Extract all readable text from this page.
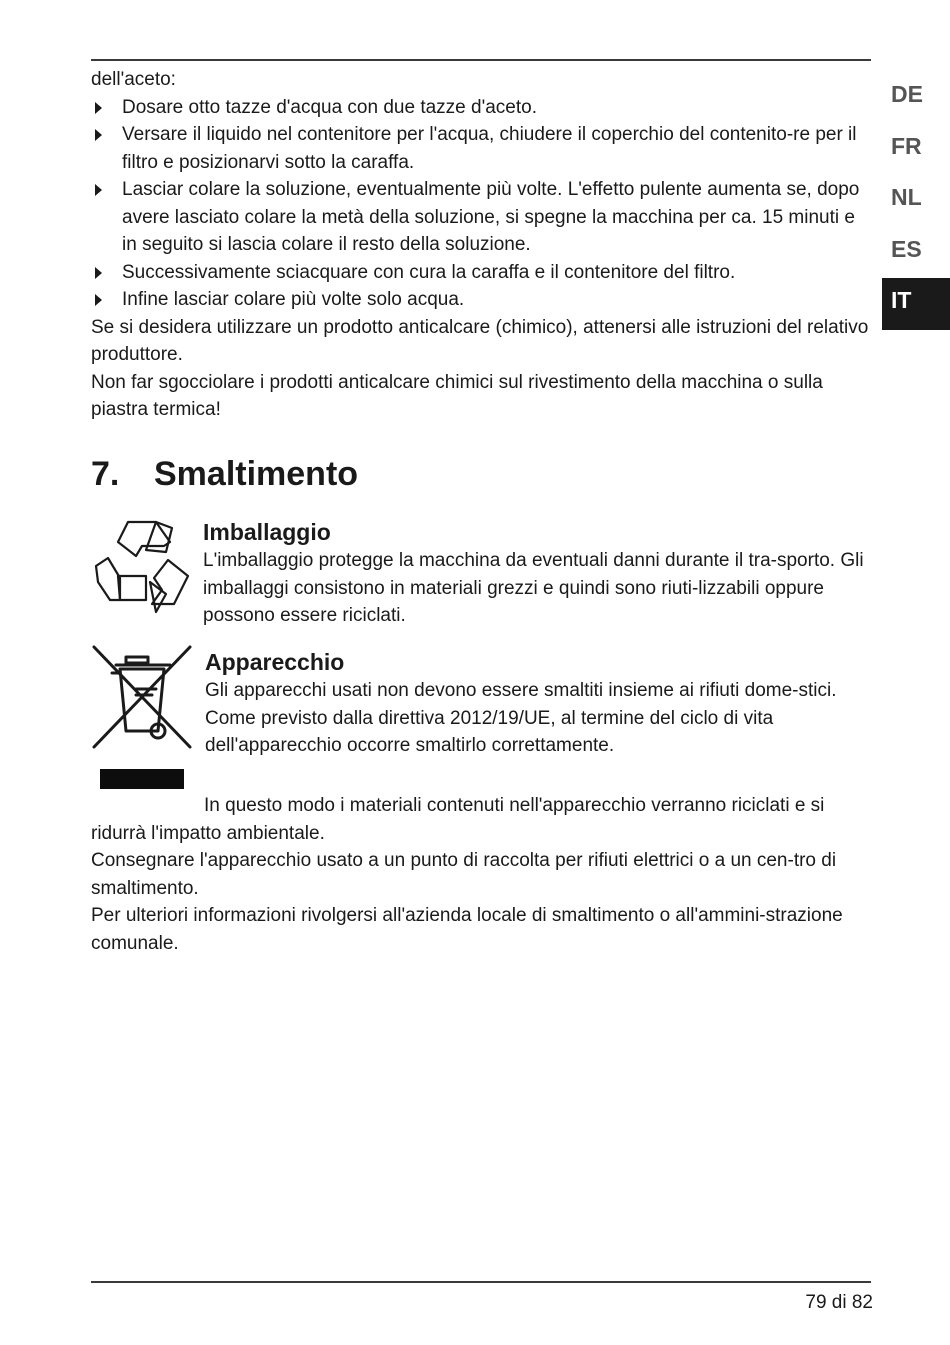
DE
FR
NL
ES
IT

dell'aceto:

Dosare otto tazze d'acqua con due tazze d'aceto.
Versare il liquido nel contenitore per l'acqua, chiudere il coperchio del contenito-re per il filtro e posizionarvi sotto la caraffa.
Lasciar colare la soluzione, eventualmente più volte. L'effetto pulente aumenta se, dopo avere lasciato colare la metà della soluzione, si spegne la macchina per ca. 15 minuti e in seguito si lascia colare il resto della soluzione.
Successivamente sciacquare con cura la caraffa e il contenitore del filtro.
Infine lasciar colare più volte solo acqua.

Se si desidera utilizzare un prodotto anticalcare (chimico), attenersi alle istruzioni del relativo produttore.

Non far sgocciolare i prodotti anticalcare chimici sul rivestimento della macchina o sulla piastra termica!

7. Smaltimento
Imballaggio

L'imballaggio protegge la macchina da eventuali danni durante il tra-sporto. Gli imballaggi consistono in materiali grezzi e quindi sono riuti-lizzabili oppure possono essere riciclati.

Apparecchio

Gli apparecchi usati non devono essere smaltiti insieme ai rifiuti dome-stici.

Come previsto dalla direttiva 2012/19/UE, al termine del ciclo di vita dell'apparecchio occorre smaltirlo correttamente.

In questo modo i materiali contenuti nell'apparecchio verranno riciclati e si ridurrà l'impatto ambientale.

Consegnare l'apparecchio usato a un punto di raccolta per rifiuti elettrici o a un cen-tro di smaltimento.

Per ulteriori informazioni rivolgersi all'azienda locale di smaltimento o all'ammini-strazione comunale.

79 di 82
